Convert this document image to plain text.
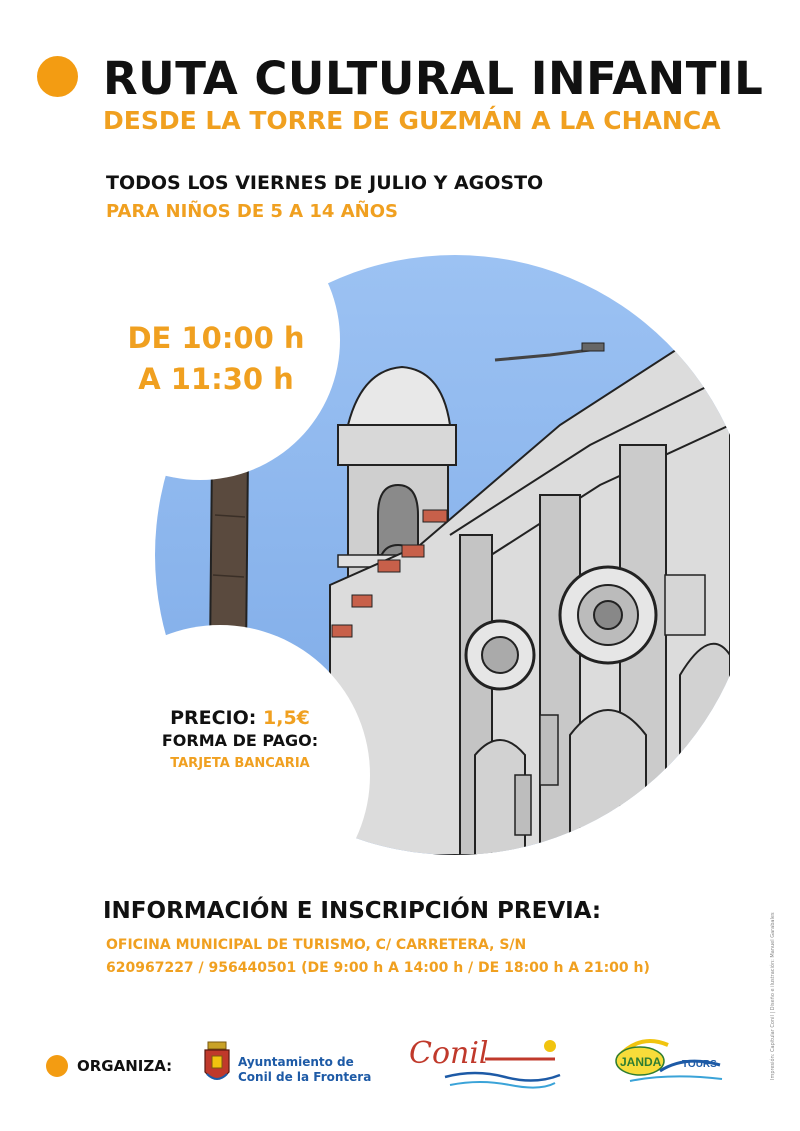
RUTA CULTURAL INFANTIL
DESDE LA TORRE DE GUZMÁN A LA CHANCA
TODOS LOS VIERNES DE JULIO Y AGOSTO
PARA NIÑOS DE 5 A 14 AÑOS
DE 10:00 h
A 11:30 h
PRECIO: 1,5€
FORMA DE PAGO:
TARJETA BANCARIA
INFORMACIÓN E INSCRIPCIÓN PREVIA:
OFICINA MUNICIPAL DE TURISMO, C/ CARRETERA, S/N
620967227 / 956440501 (DE 9:00 h A 14:00 h / DE 18:00 h A 21:00 h)
ORGANIZA:	Ayuntamiento de
Conil de la Frontera
Conil	JANDA TOURS	Impresión: Capitular Conil | Diseño e ilustración: Manuel Garabales
